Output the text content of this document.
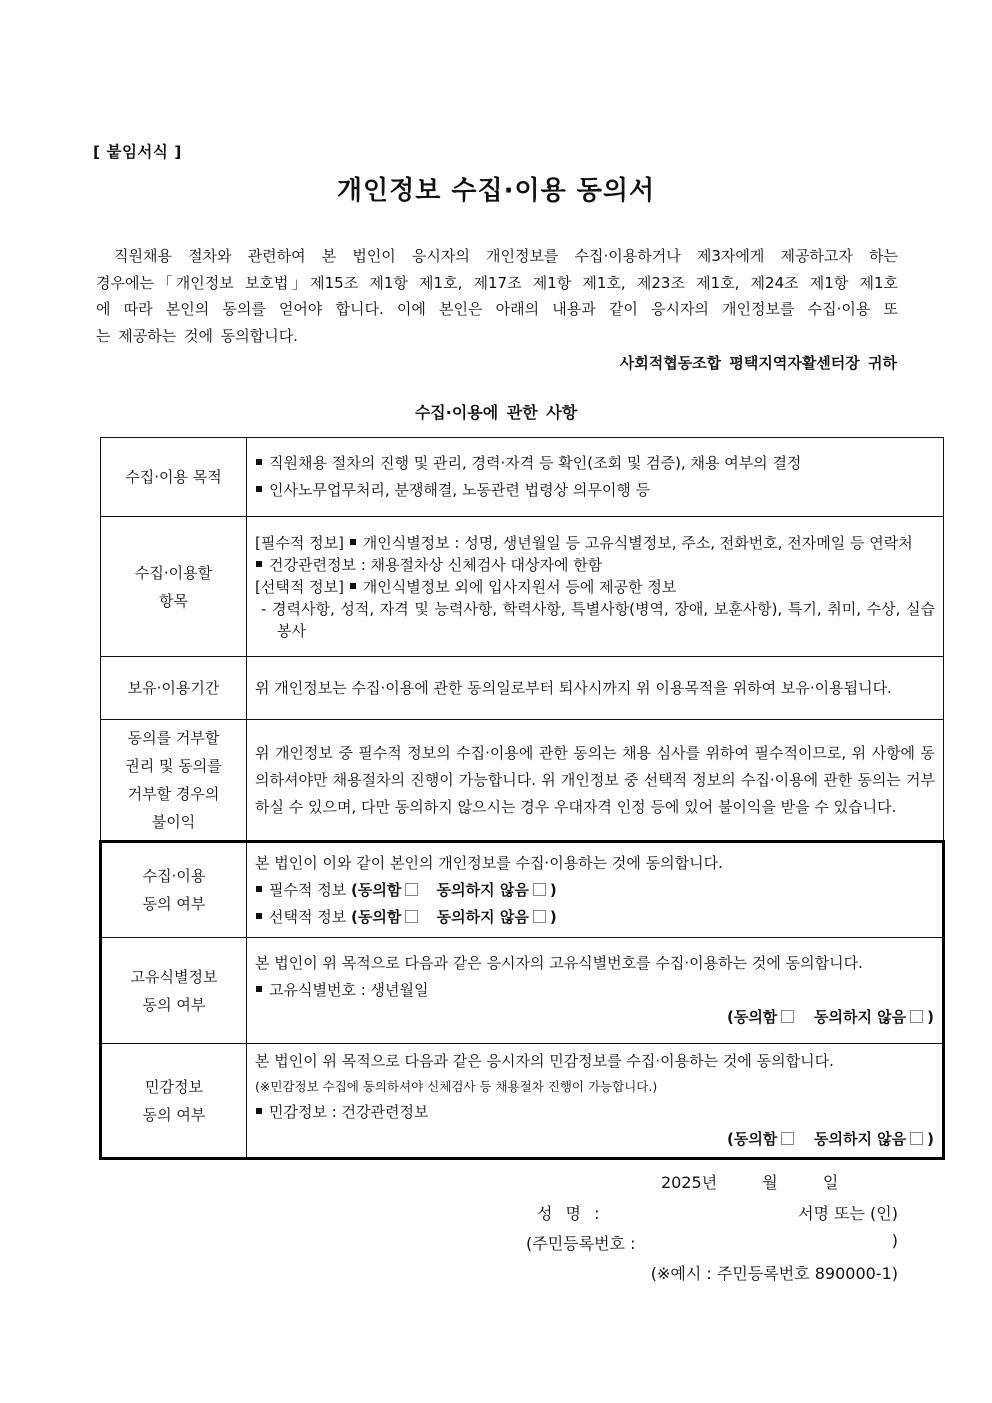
[ 붙임서식 ]
개인정보 수집·이용 동의서
직원채용 절차와 관련하여 본 법인이 응시자의 개인정보를 수집·이용하거나 제3자에게 제공하고자 하는
경우에는「개인정보 보호법」제15조 제1항 제1호, 제17조 제1항 제1호, 제23조 제1호, 제24조 제1항 제1호
에 따라 본인의 동의를 얻어야 합니다. 이에 본인은 아래의 내용과 같이 응시자의 개인정보를 수집·이용 또
는 제공하는 것에 동의합니다.
사회적협동조합 평택지역자활센터장 귀하
수집·이용에 관한 사항
수집·이용 목적	직원채용 절차의 진행 및 관리, 경력·자격 등 확인(조회 및 검증), 채용 여부의 결정
인사노무업무처리, 분쟁해결, 노동관련 법령상 의무이행 등

수집·이용할
항목	[필수적 정보] 개인식별정보 : 성명, 생년월일 등 고유식별정보, 주소, 전화번호, 전자메일 등 연락처
건강관련정보 : 채용절차상 신체검사 대상자에 한함
[선택적 정보] 개인식별정보 외에 입사지원서 등에 제공한 정보
- 경력사항, 성적, 자격 및 능력사항, 학력사항, 특별사항(병역, 장애, 보훈사항), 특기, 취미, 수상, 실습봉사

보유·이용기간	위 개인정보는 수집·이용에 관한 동의일로부터 퇴사시까지 위 이용목적을 위하여 보유·이용됩니다.
동의를 거부할
권리 및 동의를
거부할 경우의
불이익	위 개인정보 중 필수적 정보의 수집·이용에 관한 동의는 채용 심사를 위하여 필수적이므로, 위 사항에 동의하셔야만 채용절차의 진행이 가능합니다. 위 개인정보 중 선택적 정보의 수집·이용에 관한 동의는 거부하실 수 있으며, 다만 동의하지 않으시는 경우 우대자격 인정 등에 있어 불이익을 받을 수 있습니다.
수집·이용
동의 여부	본 법인이 이와 같이 본인의 개인정보를 수집·이용하는 것에 동의합니다.
필수적 정보 (동의함 동의하지 않음 )
선택적 정보 (동의함 동의하지 않음 )

고유식별정보
동의 여부	본 법인이 위 목적으로 다음과 같은 응시자의 고유식별번호를 수집·이용하는 것에 동의합니다.
고유식별번호 : 생년월일
(동의함 동의하지 않음 )

민감정보
동의 여부	본 법인이 위 목적으로 다음과 같은 응시자의 민감정보를 수집·이용하는 것에 동의합니다.
(※민감정보 수집에 동의하셔야 신체검사 등 채용절차 진행이 가능합니다.)
민감정보 : 건강관련정보
(동의함 동의하지 않음 )
2025년	월	일
성 명 :	서명 또는 (인)
(주민등록번호 :	)
(※예시 : 주민등록번호 890000-1)
